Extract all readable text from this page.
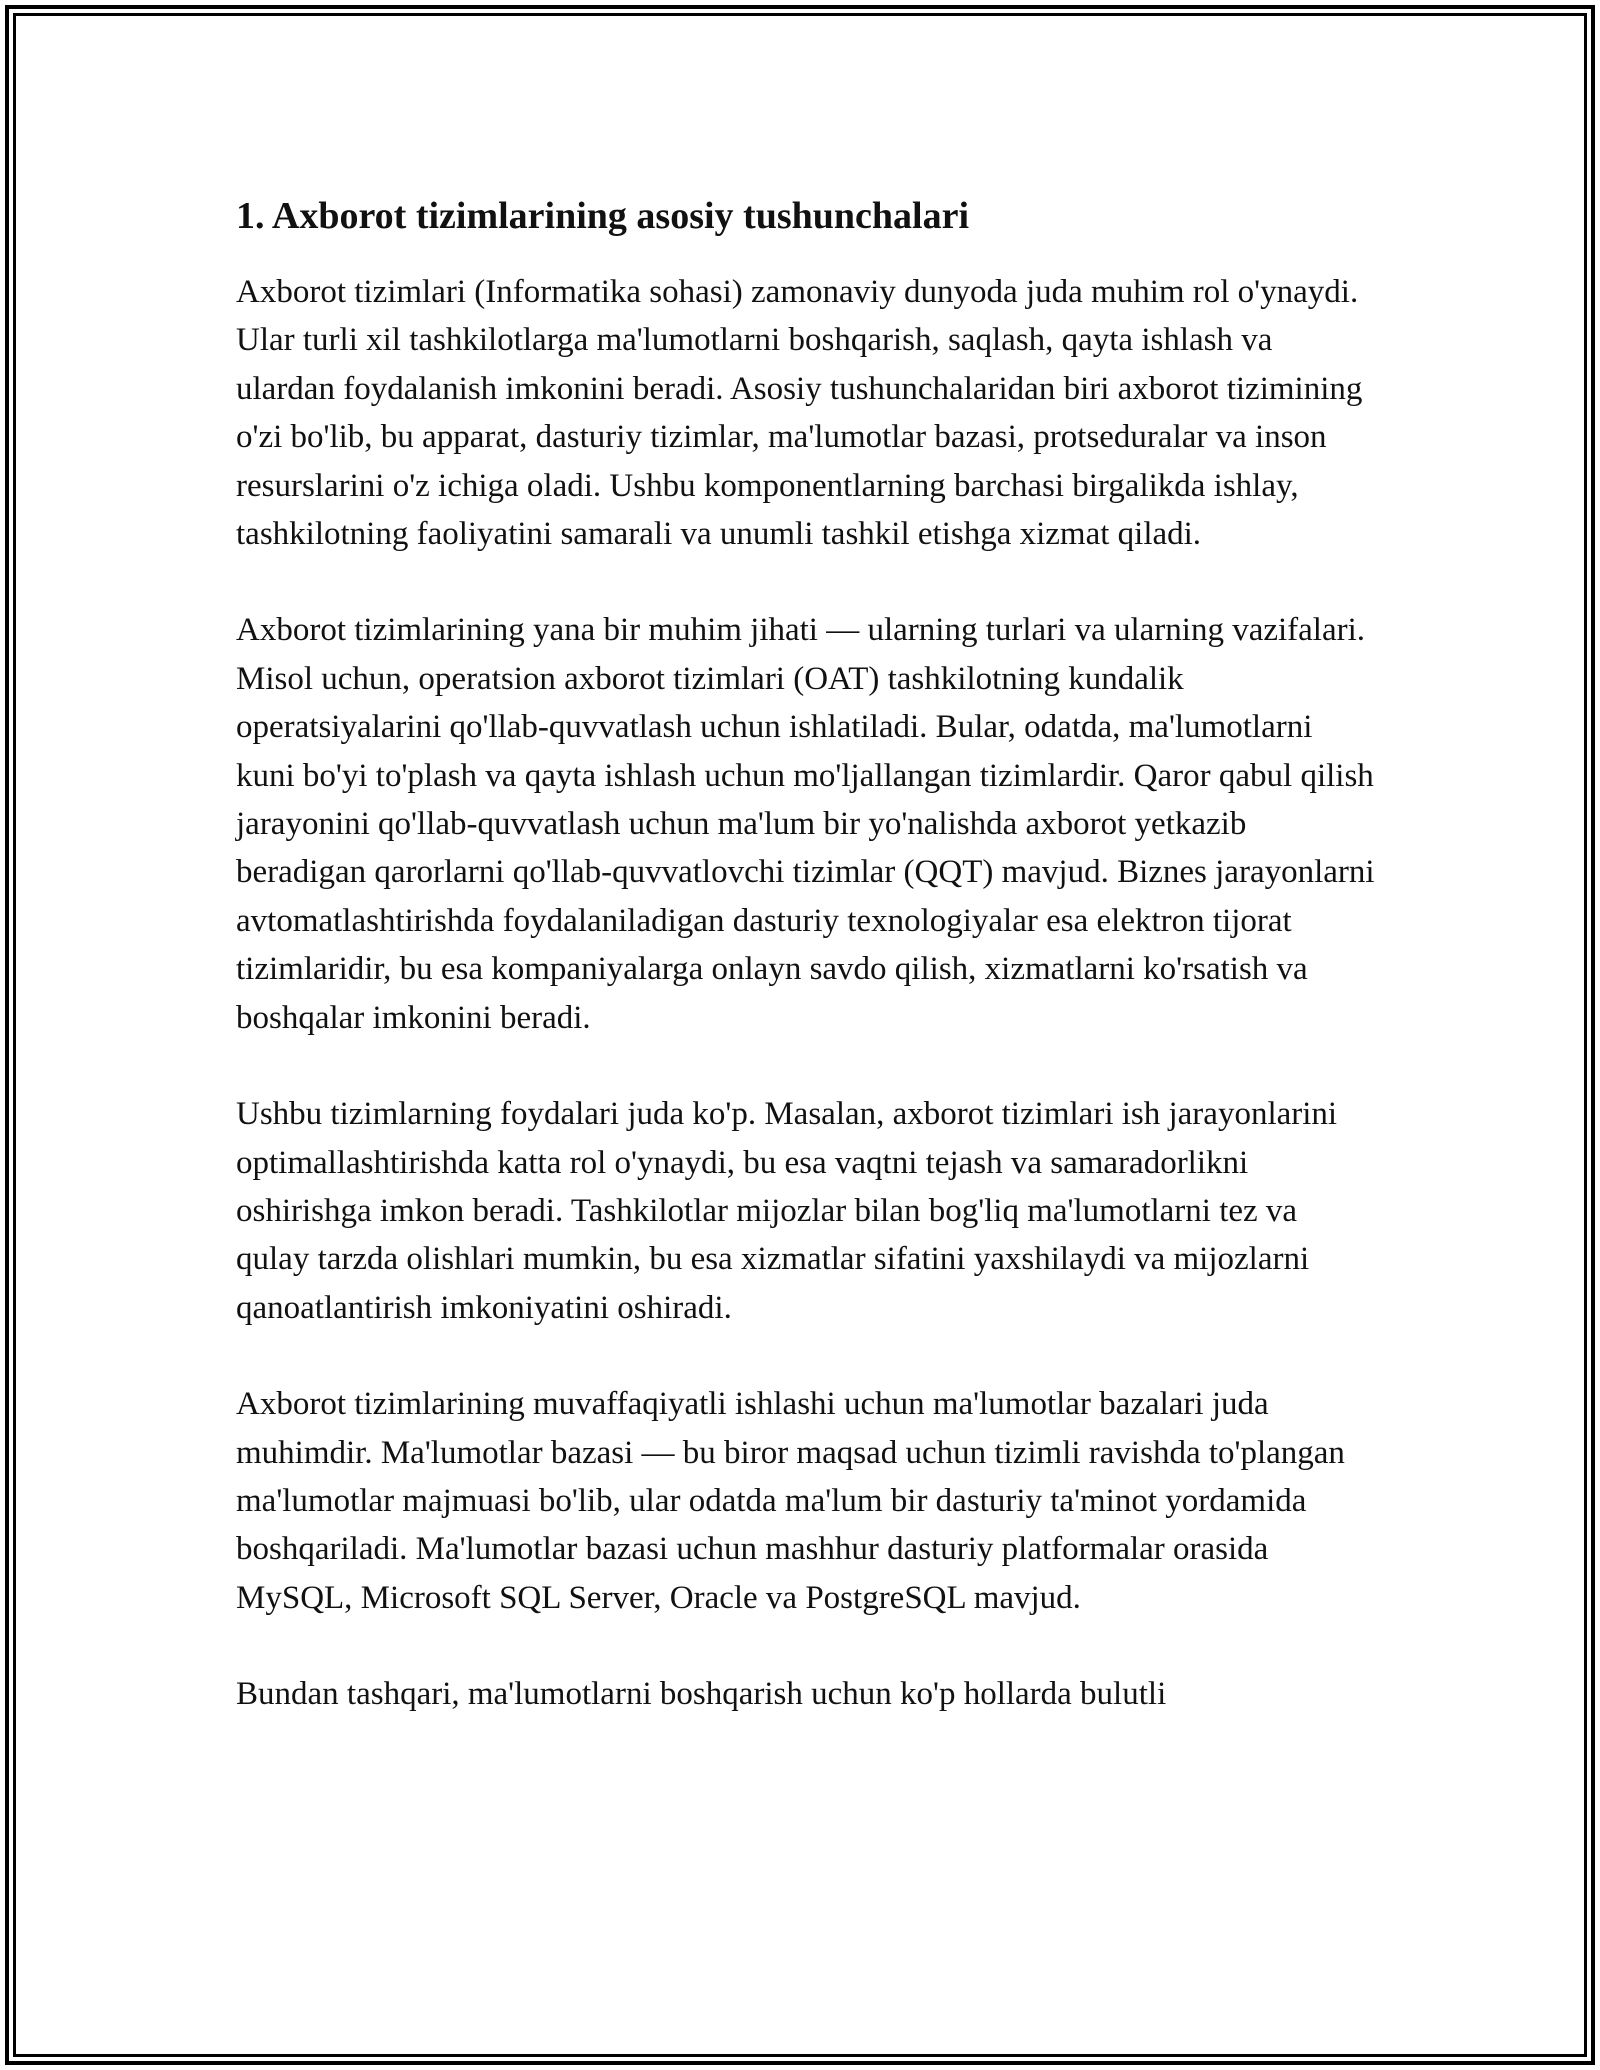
1. Axborot tizimlarining asosiy tushunchalari

Axborot tizimlari (Informatika sohasi) zamonaviy dunyoda juda muhim rol o'ynaydi. Ular turli xil tashkilotlarga ma'lumotlarni boshqarish, saqlash, qayta ishlash va ulardan foydalanish imkonini beradi. Asosiy tushunchalaridan biri axborot tizimining o'zi bo'lib, bu apparat, dasturiy tizimlar, ma'lumotlar bazasi, protseduralar va inson resurslarini o'z ichiga oladi. Ushbu komponentlarning barchasi birgalikda ishlay, tashkilotning faoliyatini samarali va unumli tashkil etishga xizmat qiladi.

Axborot tizimlarining yana bir muhim jihati — ularning turlari va ularning vazifalari. Misol uchun, operatsion axborot tizimlari (OAT) tashkilotning kundalik operatsiyalarini qo'llab-quvvatlash uchun ishlatiladi. Bular, odatda, ma'lumotlarni kuni bo'yi to'plash va qayta ishlash uchun mo'ljallangan tizimlardir. Qaror qabul qilish jarayonini qo'llab-quvvatlash uchun ma'lum bir yo'nalishda axborot yetkazib beradigan qarorlarni qo'llab-quvvatlovchi tizimlar (QQT) mavjud. Biznes jarayonlarni avtomatlashtirishda foydalaniladigan dasturiy texnologiyalar esa elektron tijorat tizimlaridir, bu esa kompaniyalarga onlayn savdo qilish, xizmatlarni ko'rsatish va boshqalar imkonini beradi.

Ushbu tizimlarning foydalari juda ko'p. Masalan, axborot tizimlari ish jarayonlarini optimallashtirishda katta rol o'ynaydi, bu esa vaqtni tejash va samaradorlikni oshirishga imkon beradi. Tashkilotlar mijozlar bilan bog'liq ma'lumotlarni tez va qulay tarzda olishlari mumkin, bu esa xizmatlar sifatini yaxshilaydi va mijozlarni qanoatlantirish imkoniyatini oshiradi.

Axborot tizimlarining muvaffaqiyatli ishlashi uchun ma'lumotlar bazalari juda muhimdir. Ma'lumotlar bazasi — bu biror maqsad uchun tizimli ravishda to'plangan ma'lumotlar majmuasi bo'lib, ular odatda ma'lum bir dasturiy ta'minot yordamida boshqariladi. Ma'lumotlar bazasi uchun mashhur dasturiy platformalar orasida MySQL, Microsoft SQL Server, Oracle va PostgreSQL mavjud.

Bundan tashqari, ma'lumotlarni boshqarish uchun ko'p hollarda bulutli
